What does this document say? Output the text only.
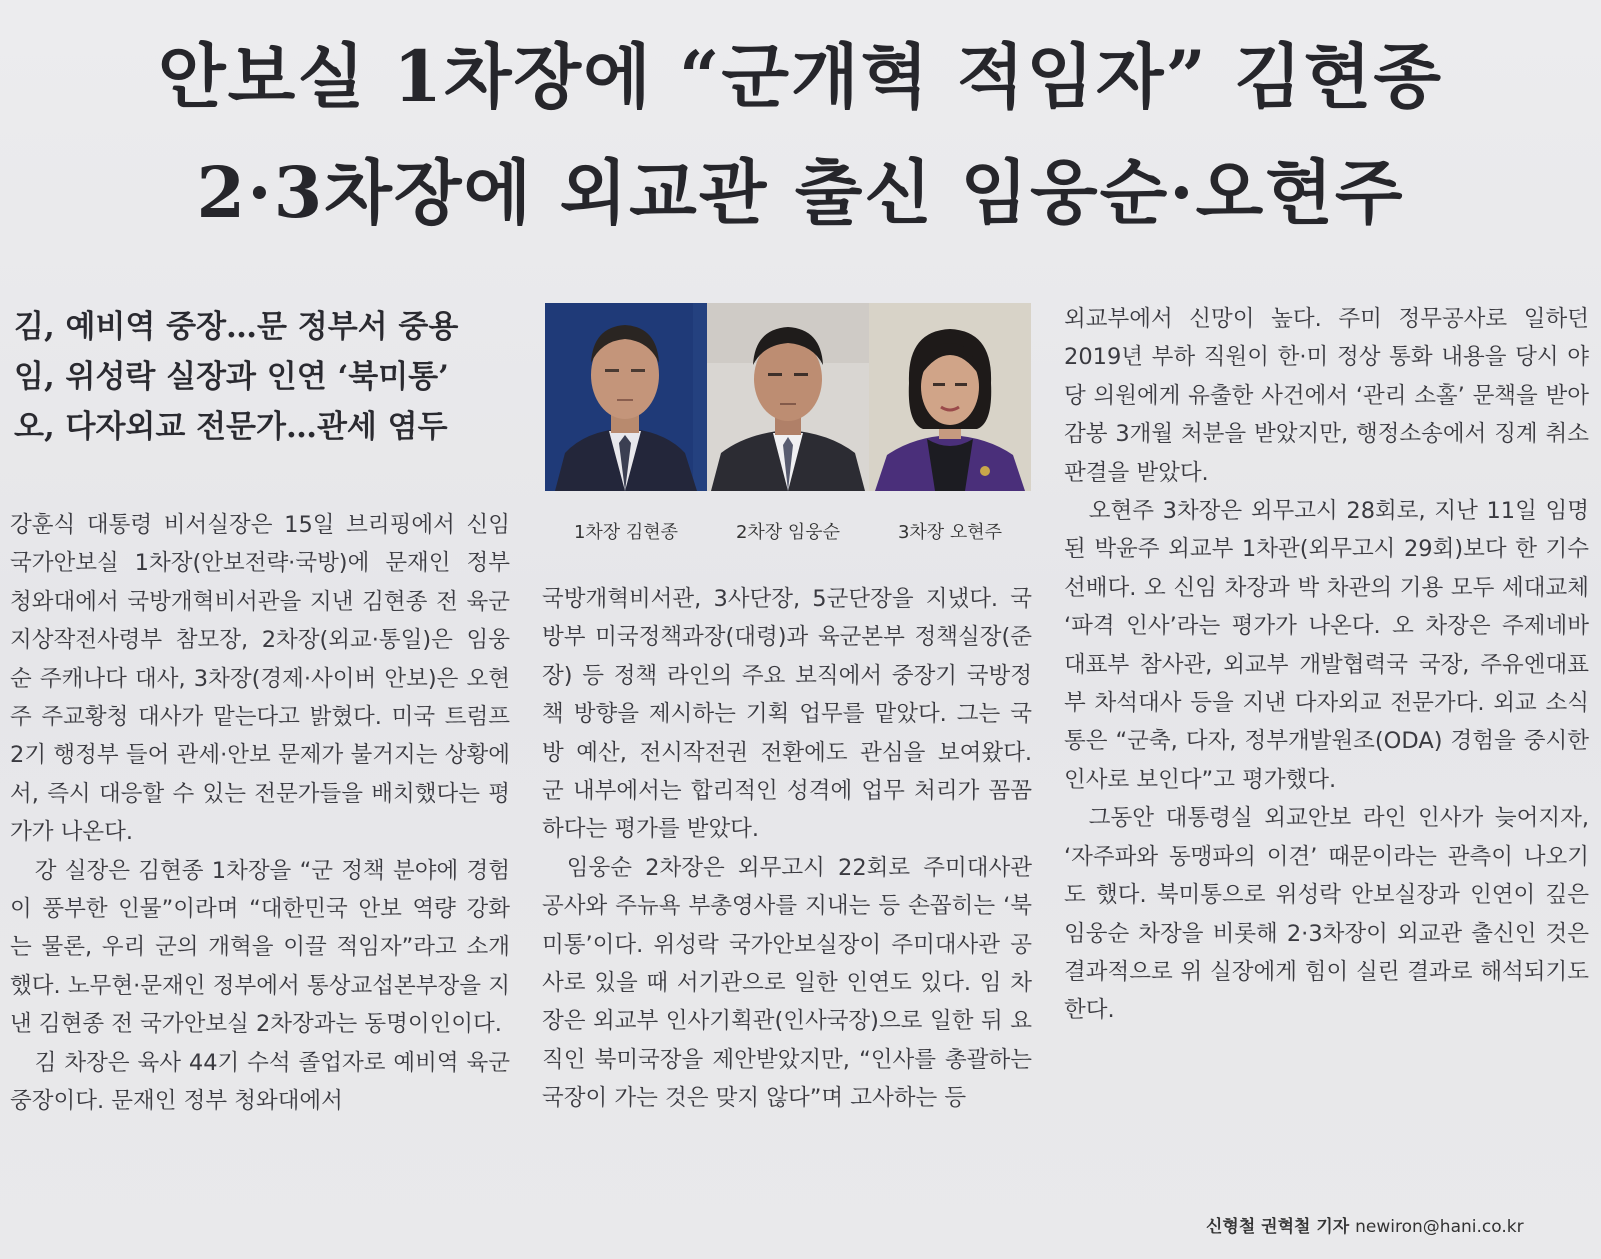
안보실 1차장에 “군개혁 적임자” 김현종
2·3차장에 외교관 출신 임웅순·오현주
김, 예비역 중장…문 정부서 중용
임, 위성락 실장과 인연 ‘북미통’
오, 다자외교 전문가…관세 염두
1차장 김현종	2차장 임웅순	3차장 오현주

강훈식 대통령 비서실장은 15일 브리핑에서 신임 국가안보실 1차장(안보전략·국방)에 문재인 정부 청와대에서 국방개혁비서관을 지낸 김현종 전 육군 지상작전사령부 참모장, 2차장(외교·통일)은 임웅순 주캐나다 대사, 3차장(경제·사이버 안보)은 오현주 주교황청 대사가 맡는다고 밝혔다. 미국 트럼프 2기 행정부 들어 관세·안보 문제가 불거지는 상황에서, 즉시 대응할 수 있는 전문가들을 배치했다는 평가가 나온다.

강 실장은 김현종 1차장을 “군 정책 분야에 경험이 풍부한 인물”이라며 “대한민국 안보 역량 강화는 물론, 우리 군의 개혁을 이끌 적임자”라고 소개했다. 노무현·문재인 정부에서 통상교섭본부장을 지낸 김현종 전 국가안보실 2차장과는 동명이인이다.

김 차장은 육사 44기 수석 졸업자로 예비역 육군 중장이다. 문재인 정부 청와대에서

국방개혁비서관, 3사단장, 5군단장을 지냈다. 국방부 미국정책과장(대령)과 육군본부 정책실장(준장) 등 정책 라인의 주요 보직에서 중장기 국방정책 방향을 제시하는 기획 업무를 맡았다. 그는 국방 예산, 전시작전권 전환에도 관심을 보여왔다. 군 내부에서는 합리적인 성격에 업무 처리가 꼼꼼하다는 평가를 받았다.

임웅순 2차장은 외무고시 22회로 주미대사관 공사와 주뉴욕 부총영사를 지내는 등 손꼽히는 ‘북미통’이다. 위성락 국가안보실장이 주미대사관 공사로 있을 때 서기관으로 일한 인연도 있다. 임 차장은 외교부 인사기획관(인사국장)으로 일한 뒤 요직인 북미국장을 제안받았지만, “인사를 총괄하는 국장이 가는 것은 맞지 않다”며 고사하는 등

외교부에서 신망이 높다. 주미 정무공사로 일하던 2019년 부하 직원이 한·미 정상 통화 내용을 당시 야당 의원에게 유출한 사건에서 ‘관리 소홀’ 문책을 받아 감봉 3개월 처분을 받았지만, 행정소송에서 징계 취소 판결을 받았다.

오현주 3차장은 외무고시 28회로, 지난 11일 임명된 박윤주 외교부 1차관(외무고시 29회)보다 한 기수 선배다. 오 신임 차장과 박 차관의 기용 모두 세대교체 ‘파격 인사’라는 평가가 나온다. 오 차장은 주제네바 대표부 참사관, 외교부 개발협력국 국장, 주유엔대표부 차석대사 등을 지낸 다자외교 전문가다. 외교 소식통은 “군축, 다자, 정부개발원조(ODA) 경험을 중시한 인사로 보인다”고 평가했다.

그동안 대통령실 외교안보 라인 인사가 늦어지자, ‘자주파와 동맹파의 이견’ 때문이라는 관측이 나오기도 했다. 북미통으로 위성락 안보실장과 인연이 깊은 임웅순 차장을 비롯해 2·3차장이 외교관 출신인 것은 결과적으로 위 실장에게 힘이 실린 결과로 해석되기도 한다.

신형철 권혁철 기자 newiron@hani.co.kr
